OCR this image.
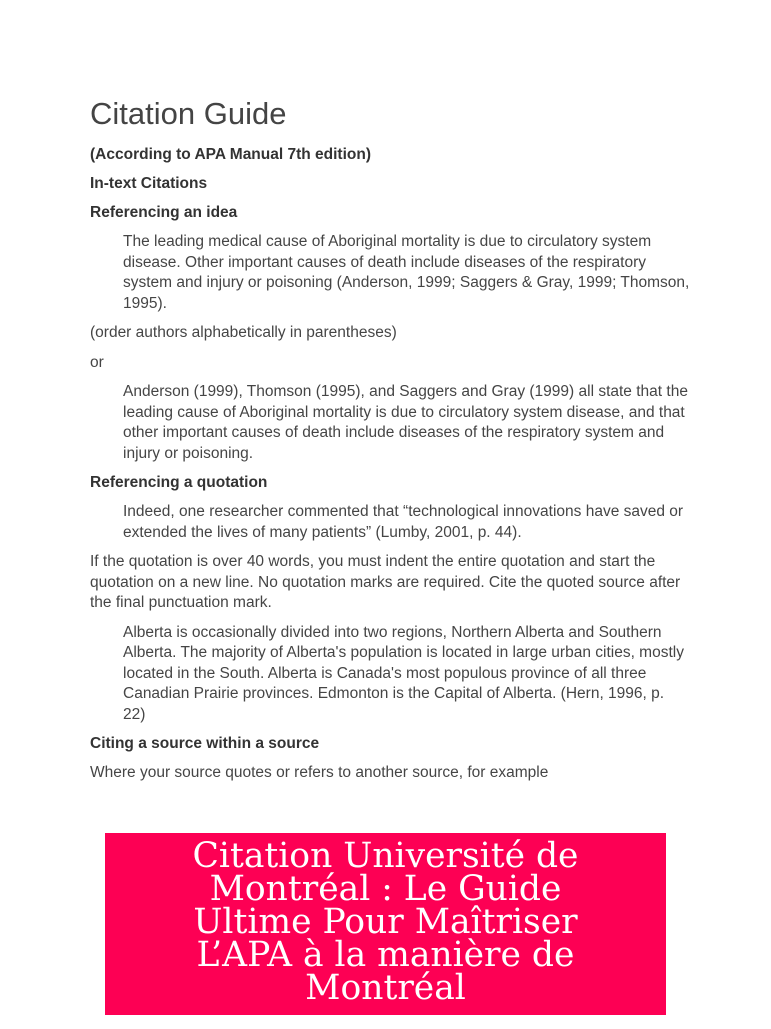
Citation Guide
(According to APA Manual 7th edition)
In-text Citations
Referencing an idea
The leading medical cause of Aboriginal mortality is due to circulatory system disease. Other important causes of death include diseases of the respiratory system and injury or poisoning (Anderson, 1999; Saggers & Gray, 1999; Thomson, 1995).
(order authors alphabetically in parentheses)
or
Anderson (1999), Thomson (1995), and Saggers and Gray (1999) all state that the leading cause of Aboriginal mortality is due to circulatory system disease, and that other important causes of death include diseases of the respiratory system and injury or poisoning.
Referencing a quotation
Indeed, one researcher commented that “technological innovations have saved or extended the lives of many patients” (Lumby, 2001, p. 44).
If the quotation is over 40 words, you must indent the entire quotation and start the quotation on a new line. No quotation marks are required. Cite the quoted source after the final punctuation mark.
Alberta is occasionally divided into two regions, Northern Alberta and Southern Alberta. The majority of Alberta's population is located in large urban cities, mostly located in the South. Alberta is Canada's most populous province of all three Canadian Prairie provinces. Edmonton is the Capital of Alberta. (Hern, 1996, p. 22)
Citing a source within a source
Where your source quotes or refers to another source, for example
Citation Université de Montréal : Le Guide Ultime Pour Maîtriser L’APA à la manière de Montréal
